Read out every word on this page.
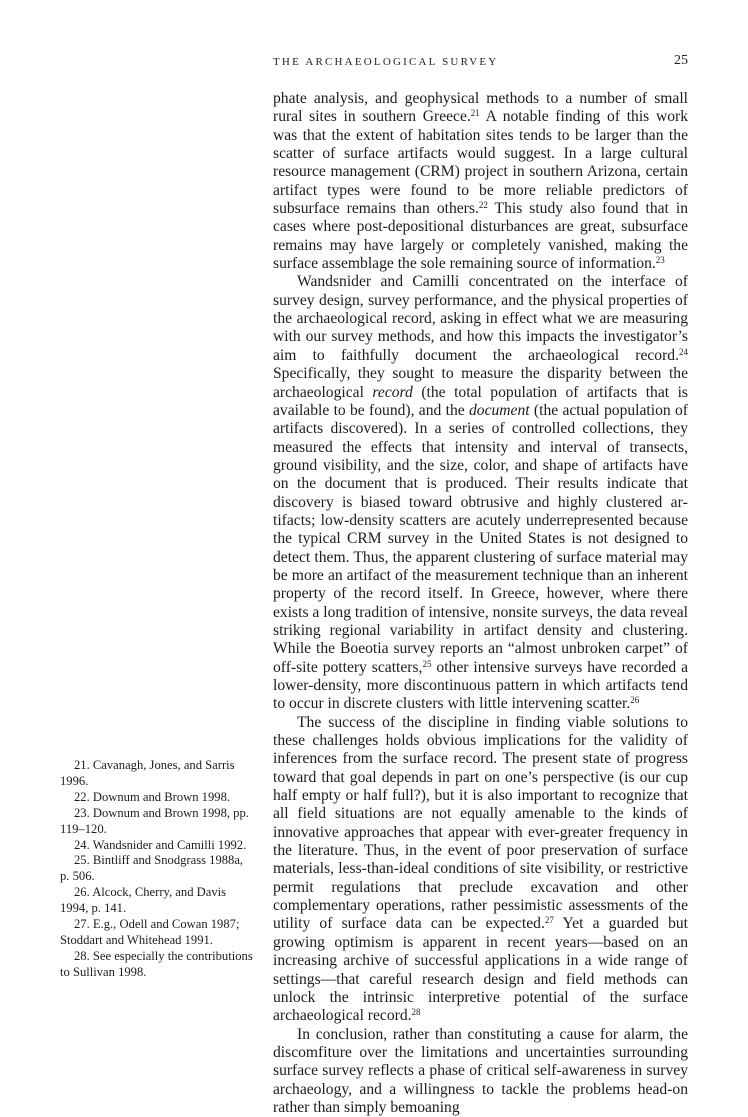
THE ARCHAEOLOGICAL SURVEY	25

phate analysis, and geophysical methods to a number of small rural sites in southern Greece.$^{21}$ A notable finding of this work was that the extent of habitation sites tends to be larger than the scatter of surface artifacts would suggest. In a large cultural resource management (CRM) project in southern Arizona, certain artifact types were found to be more reliable predictors of subsurface remains than others.$^{22}$ This study also found that in cases where post-depositional disturbances are great, subsurface remains may have largely or completely vanished, making the surface assemblage the sole remaining source of information.$^{23}$

Wandsnider and Camilli concentrated on the interface of survey design, survey performance, and the physical properties of the archaeological record, asking in effect what we are measuring with our survey methods, and how this impacts the investigator’s aim to faithfully document the archaeological record.$^{24}$ Specifically, they sought to measure the disparity between the archaeological record (the total population of artifacts that is available to be found), and the document (the actual population of artifacts discovered). In a series of controlled collections, they measured the effects that intensity and interval of transects, ground visibility, and the size, color, and shape of artifacts have on the document that is produced. Their results indicate that discovery is biased toward obtrusive and highly clustered artifacts; low-density scatters are acutely underrepresented because the typical CRM survey in the United States is not designed to detect them. Thus, the apparent clustering of surface material may be more an artifact of the measurement technique than an inherent property of the record itself. In Greece, however, where there exists a long tradition of intensive, nonsite surveys, the data reveal striking regional variability in artifact density and clustering. While the Boeotia survey reports an “almost unbroken carpet” of off-site pottery scatters,$^{25}$ other intensive surveys have recorded a lower-density, more discontinuous pattern in which artifacts tend to occur in discrete clusters with little intervening scatter.$^{26}$

The success of the discipline in finding viable solutions to these challenges holds obvious implications for the validity of inferences from the surface record. The present state of progress toward that goal depends in part on one’s perspective (is our cup half empty or half full?), but it is also important to recognize that all field situations are not equally amenable to the kinds of innovative approaches that appear with ever-greater frequency in the literature. Thus, in the event of poor preservation of surface materials, less-than-ideal conditions of site visibility, or restrictive permit regulations that preclude excavation and other complementary operations, rather pessimistic assessments of the utility of surface data can be expected.$^{27}$ Yet a guarded but growing optimism is apparent in recent years—based on an increasing archive of successful applications in a wide range of settings—that careful research design and field methods can unlock the intrinsic interpretive potential of the surface archaeological record.$^{28}$

In conclusion, rather than constituting a cause for alarm, the discomfiture over the limitations and uncertainties surrounding surface survey reflects a phase of critical self-awareness in survey archaeology, and a willingness to tackle the problems head-on rather than simply bemoaning

21. Cavanagh, Jones, and Sarris 1996.

22. Downum and Brown 1998.

23. Downum and Brown 1998, pp. 119–120.

24. Wandsnider and Camilli 1992.

25. Bintliff and Snodgrass 1988a, p. 506.

26. Alcock, Cherry, and Davis 1994, p. 141.

27. E.g., Odell and Cowan 1987; Stoddart and Whitehead 1991.

28. See especially the contributions to Sullivan 1998.
